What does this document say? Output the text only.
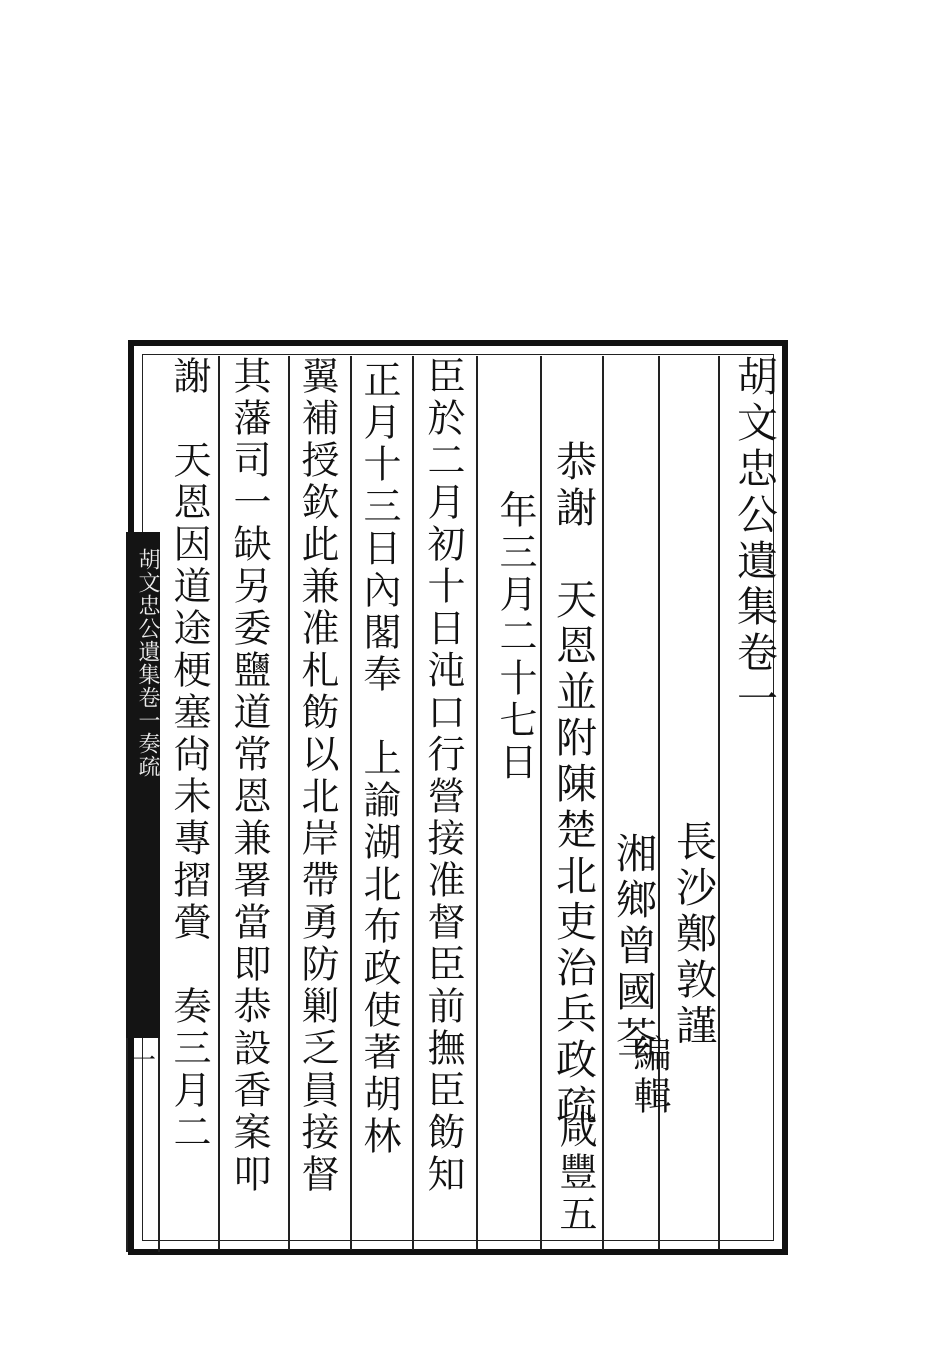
胡文忠公遺集卷一奏疏
一
胡文忠公遺集卷一
長沙鄭敦謹
湘鄉曾國荃
編輯
恭謝　天恩並附陳楚北吏治兵政疏
咸豐五
年三月二十七日
臣於二月初十日沌口行營接准督臣前撫臣飭知
正月十三日內閣奉　上諭湖北布政使著胡林
翼補授欽此兼准札飭以北岸帶勇防剿乏員接督
其藩司一缺另委鹽道常恩兼署當即恭設香案叩
謝　天恩因道途梗塞尙未專摺賫　奏三月二
